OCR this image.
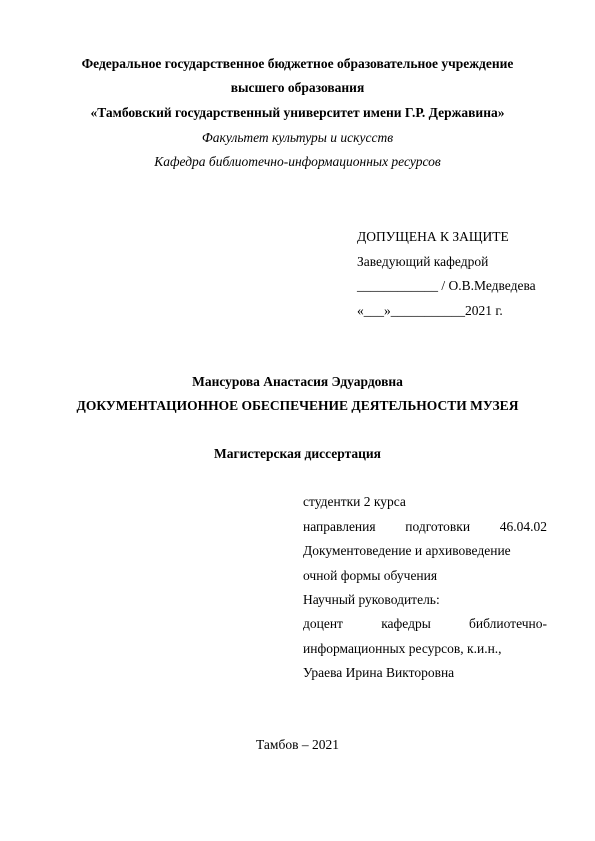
Федеральное государственное бюджетное образовательное учреждение
высшего образования
«Тамбовский государственный университет имени Г.Р. Державина»
Факультет культуры и искусств
Кафедра библиотечно-информационных ресурсов
ДОПУЩЕНА К ЗАЩИТЕ
Заведующий кафедрой
____________ / О.В.Медведева
«___»___________2021 г.
Мансурова Анастасия Эдуардовна
ДОКУМЕНТАЦИОННОЕ ОБЕСПЕЧЕНИЕ ДЕЯТЕЛЬНОСТИ МУЗЕЯ
Магистерская диссертация
студентки 2 курса
направления подготовки 46.04.02
Документоведение и архивоведение
очной формы обучения
Научный руководитель:
доцент	кафедры	библиотечно-
информационных ресурсов, к.и.н.,
Ураева Ирина Викторовна
Тамбов – 2021
